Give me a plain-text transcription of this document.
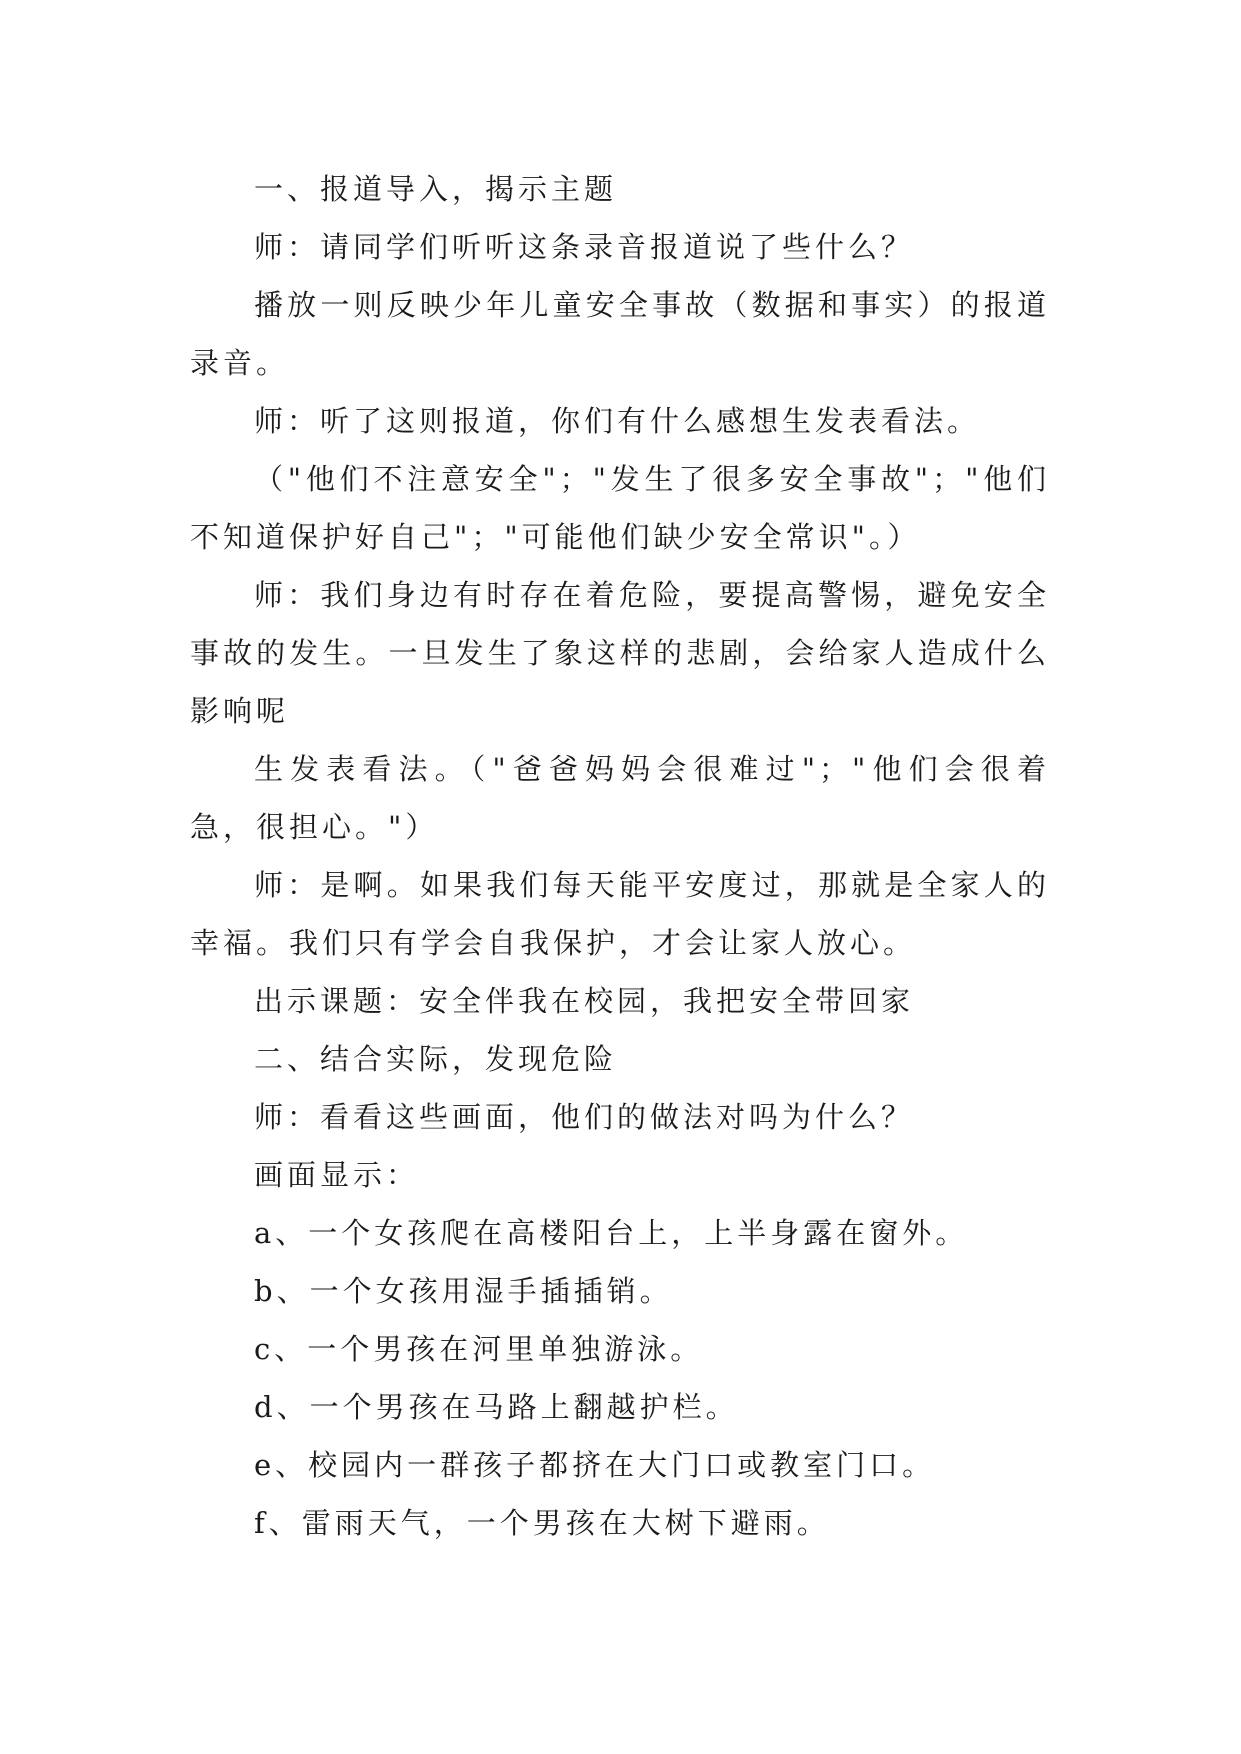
一、报道导入，揭示主题

师：请同学们听听这条录音报道说了些什么？

播放一则反映少年儿童安全事故（数据和事实）的报道录音。

师：听了这则报道，你们有什么感想生发表看法。

（"他们不注意安全"；"发生了很多安全事故"；"他们不知道保护好自己"；"可能他们缺少安全常识"。）

师：我们身边有时存在着危险，要提高警惕，避免安全事故的发生。一旦发生了象这样的悲剧，会给家人造成什么影响呢

生发表看法。（"爸爸妈妈会很难过"；"他们会很着急，很担心。"）

师：是啊。如果我们每天能平安度过，那就是全家人的幸福。我们只有学会自我保护，才会让家人放心。

出示课题：安全伴我在校园，我把安全带回家

二、结合实际，发现危险

师：看看这些画面，他们的做法对吗为什么？

画面显示：

a、一个女孩爬在高楼阳台上，上半身露在窗外。

b、一个女孩用湿手插插销。

c、一个男孩在河里单独游泳。

d、一个男孩在马路上翻越护栏。

e、校园内一群孩子都挤在大门口或教室门口。

f、雷雨天气，一个男孩在大树下避雨。
